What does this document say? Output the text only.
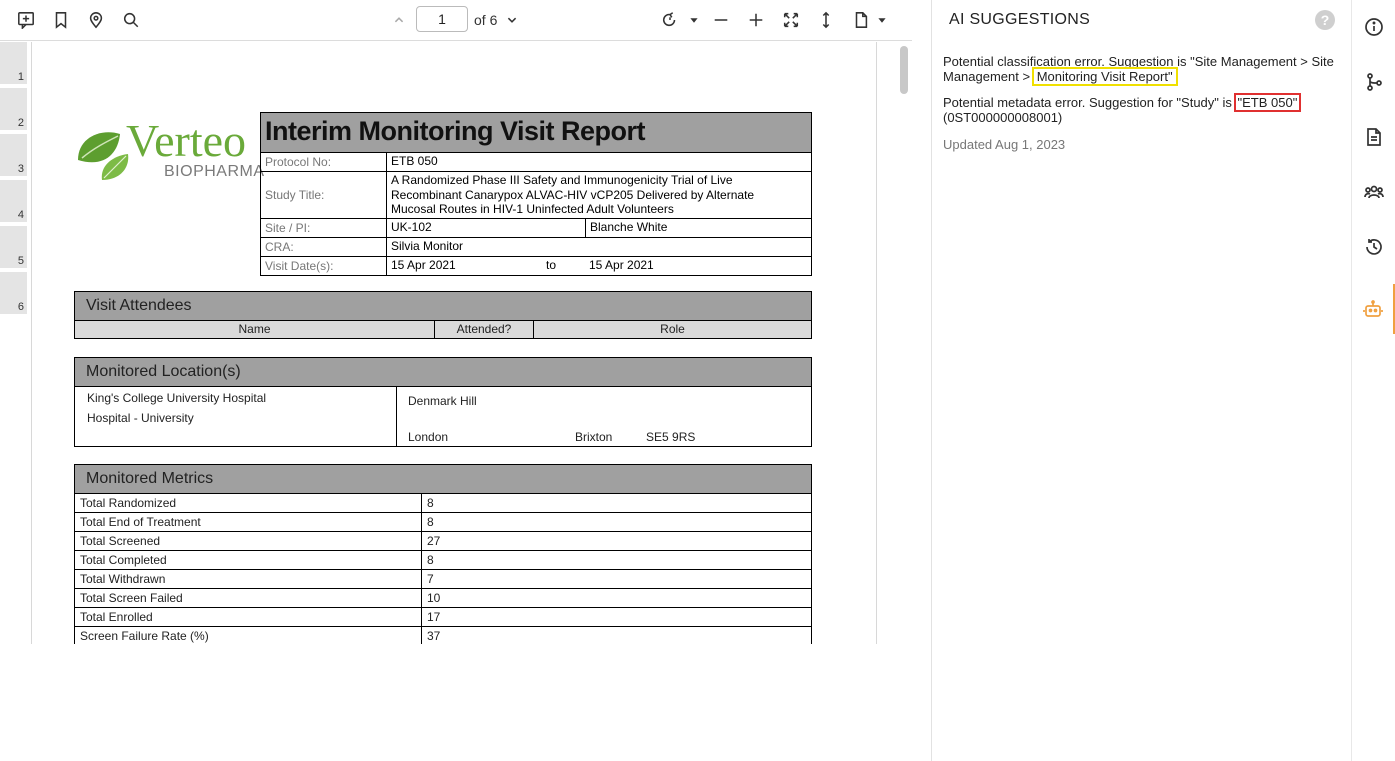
1
of 6
1
2
3
4
5
6
Verteo
BIOPHARMA
Interim Monitoring Visit Report
Protocol No:	ETB 050
Study Title:
A Randomized Phase III Safety and Immunogenicity Trial of Live Recombinant Canarypox ALVAC-HIV vCP205 Delivered by Alternate Mucosal Routes in HIV-1 Uninfected Adult Volunteers
Site / PI:	UK-102	Blanche White
CRA:	Silvia Monitor
Visit Date(s):	15 Apr 2021	to	15 Apr 2021
Visit Attendees
Name	Attended?	Role
Monitored Location(s)
King's College University Hospital
Hospital - University
Denmark Hill
London	Brixton	SE5 9RS
Monitored Metrics
Total Randomized	8
Total End of Treatment	8
Total Screened	27
Total Completed	8
Total Withdrawn	7
Total Screen Failed	10
Total Enrolled	17
Screen Failure Rate (%)	37
AI SUGGESTIONS	?
Potential classification error. Suggestion is "Site Management > Site Management > Monitoring Visit Report"
Potential metadata error. Suggestion for "Study" is "ETB 050" (0ST000000008001)
Updated Aug 1, 2023
